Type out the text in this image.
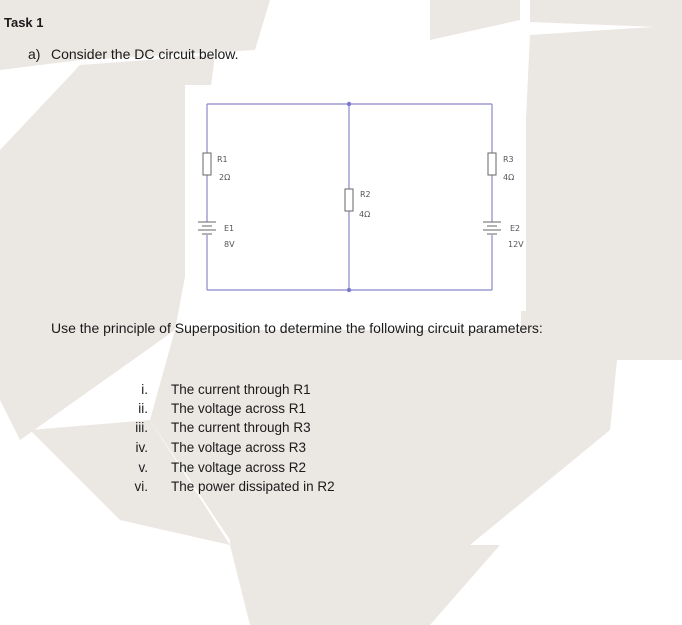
R1
2Ω
E1
8V
R2
4Ω
R3
4Ω
E2
12V
Task 1
a) Consider the DC circuit below.
Use the principle of Superposition to determine the following circuit parameters:
i. The current through R1
ii. The voltage across R1
iii. The current through R3
iv. The voltage across R3
v. The voltage across R2
vi. The power dissipated in R2
